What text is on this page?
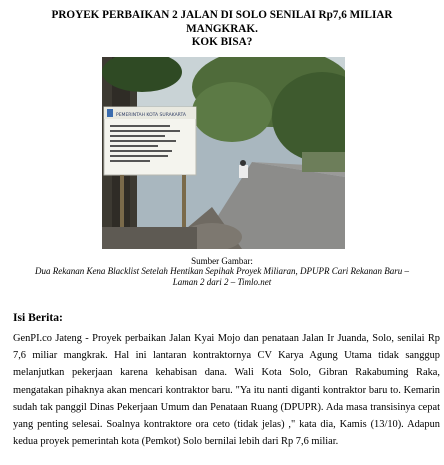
PROYEK PERBAIKAN 2 JALAN DI SOLO SENILAI Rp7,6 MILIAR
MANGKRAK.
KOK BISA?
PEMERINTAH KOTA SURAKARTA
Sumber Gambar:
Dua Rekanan Kena Blacklist Setelah Hentikan Sepihak Proyek Miliaran, DPUPR Cari Rekanan Baru –
Laman 2 dari 2 – Timlo.net
Isi Berita:
GenPI.co Jateng - Proyek perbaikan Jalan Kyai Mojo dan penataan Jalan Ir Juanda, Solo, senilai Rp 7,6 miliar mangkrak. Hal ini lantaran kontraktornya CV Karya Agung Utama tidak sanggup melanjutkan pekerjaan karena kehabisan dana. Wali Kota Solo, Gibran Rakabuming Raka, mengatakan pihaknya akan mencari kontraktor baru. "Ya itu nanti diganti kontraktor baru to. Kemarin sudah tak panggil Dinas Pekerjaan Umum dan Penataan Ruang (DPUPR). Ada masa transisinya cepat yang penting selesai. Soalnya kontraktore ora ceto (tidak jelas) ," kata dia, Kamis (13/10). Adapun kedua proyek pemerintah kota (Pemkot) Solo bernilai lebih dari Rp 7,6 miliar.
